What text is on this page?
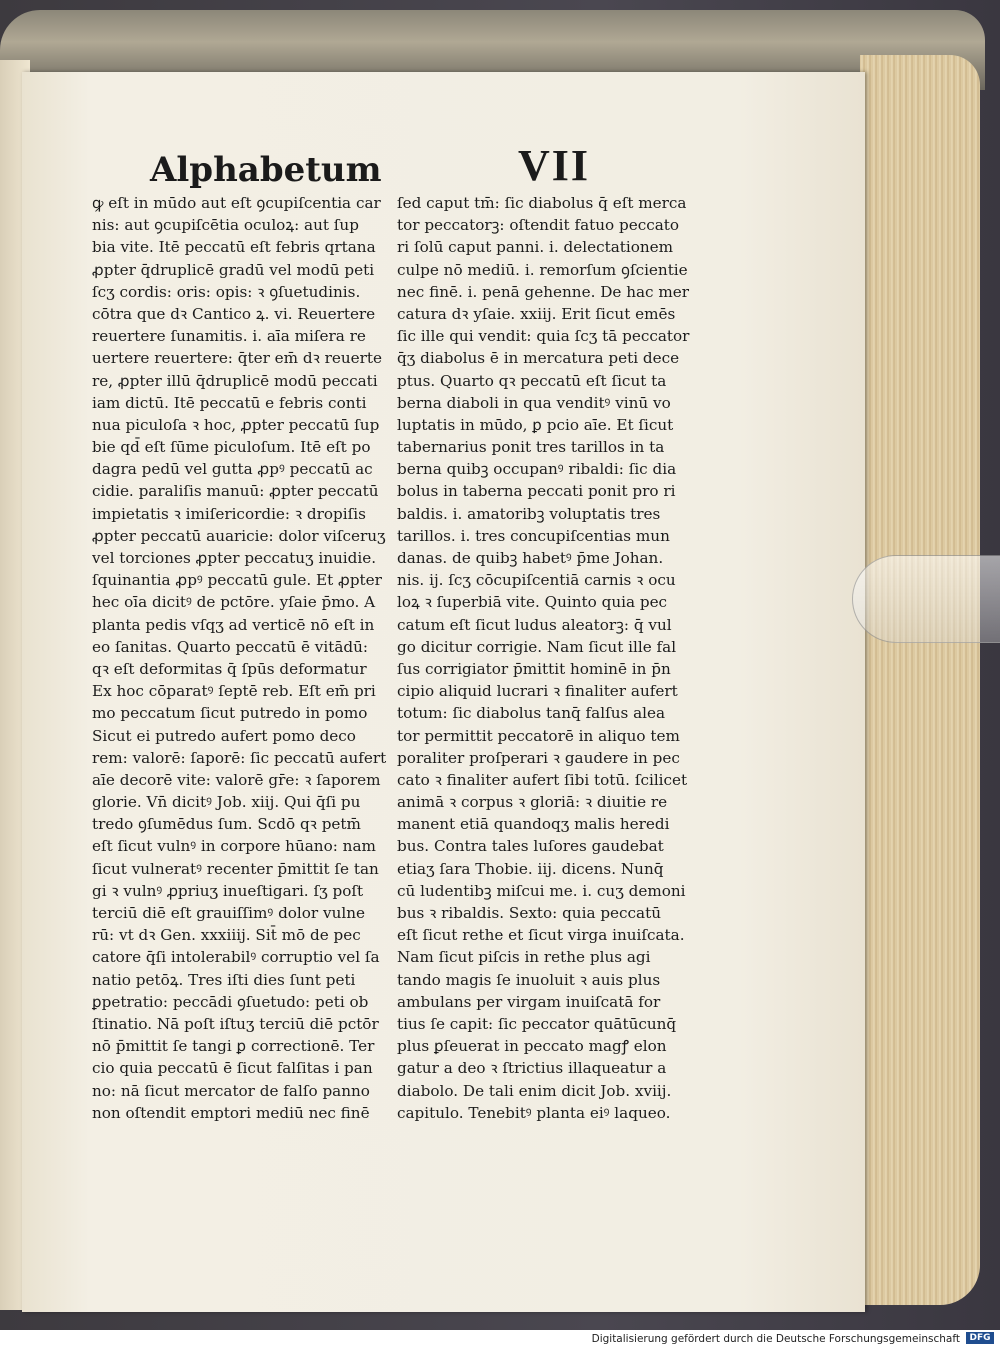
Alphabetum	VII
ꝙ eſt in mūdo aut eſt ꝯcupiſcentia car
nis: aut ꝯcupiſcētia oculoꝝ: aut ſup
bia vite. Itē peccatū eſt febris qrtana
ꝓpter q̄druplicē gradū vel modū peti
ſcʒ cordis: oris: opis: ꝛ ꝯſuetudinis.
cōtra que dꝛ Cantico ꝝ. vi. Reuertere
reuertere ſunamitis. i. aīa miſera re
uertere reuertere: q̄ter em̄ dꝛ reuerte
re, ꝓpter illū q̄druplicē modū peccati
iam dictū. Itē peccatū e febris conti
nua piculoſa ꝛ hoc, ꝓpter peccatū ſup
bie qd̄ eſt ſūme piculoſum. Itē eſt po
dagra pedū vel gutta ꝓpꝰ peccatū ac
cidie. paraliſis manuū: ꝓpter peccatū
impietatis ꝛ imiſericordie: ꝛ dropiſis
ꝓpter peccatū auaricie: dolor viſceruʒ
vel torciones ꝓpter peccatuʒ inuidie.
ſquinantia ꝓpꝰ peccatū gule. Et ꝓpter
hec oīa dicitꝰ de pctōre. yſaie p̄mo. A
planta pedis vſqʒ ad verticē nō eſt in
eo ſanitas. Quarto peccatū ē vitādū:
qꝛ eſt deformitas q̄ ſpūs deformatur
Ex hoc cōparatꝰ ſeptē reb. Eſt em̄ pri
mo peccatum ſicut putredo in pomo
Sicut ei putredo aufert pomo deco
rem: valorē: ſaporē: ſic peccatū aufert
aīe decorē vite: valorē gr̄e: ꝛ ſaporem
glorie. Vn̄ dicitꝰ Job. xiij. Qui q̄ſi pu
tredo ꝯſumēdus ſum. Scdō qꝛ petm̄
eſt ſicut vulnꝰ in corpore hūano: nam
ſicut vulneratꝰ recenter p̄mittit ſe tan
gi ꝛ vulnꝰ ꝓpriuʒ inueſtigari. ſʒ poſt
terciū diē eſt grauiſſimꝰ dolor vulne
rū: vt dꝛ Gen. xxxiiij. Sit̄ mō de pec
catore q̄ſi intolerabilꝰ corruptio vel ſa
natio petōꝝ. Tres iſti dies ſunt peti
ꝑpetratio: peccādi ꝯſuetudo: peti ob
ſtinatio. Nā poſt iſtuʒ terciū diē pctōr
nō p̄mittit ſe tangi ꝑ correctionē. Ter
cio quia peccatū ē ſicut falſitas i pan
no: nā ſicut mercator de falſo panno
non oſtendit emptori mediū nec finē
ſed caput tm̄: ſic diabolus q̄ eſt merca
tor peccatorꝫ: oſtendit fatuo peccato
ri ſolū caput panni. i. delectationem
culpe nō mediū. i. remorſum ꝯſcientie
nec finē. i. penā gehenne. De hac mer
catura dꝛ yſaie. xxiij. Erit ſicut emēs
ſic ille qui vendit: quia ſcʒ tā peccator
q̄ʒ diabolus ē in mercatura peti dece
ptus. Quarto qꝛ peccatū eſt ſicut ta
berna diaboli in qua venditꝰ vinū vo
luptatis in mūdo, ꝑ pcio aīe. Et ſicut
tabernarius ponit tres tarillos in ta
berna quibꝫ occupanꝰ ribaldi: ſic dia
bolus in taberna peccati ponit pro ri
baldis. i. amatoribꝫ voluptatis tres
tarillos. i. tres concupiſcentias mun
danas. de quibꝫ habetꝰ p̄me Johan.
nis. ij. ſcʒ cōcupiſcentiā carnis ꝛ ocu
loꝝ ꝛ ſuperbiā vite. Quinto quia pec
catum eſt ſicut ludus aleatorꝫ: q̄ vul
go dicitur corrigie. Nam ſicut ille fal
ſus corrigiator p̄mittit hominē in p̄n
cipio aliquid lucrari ꝛ finaliter aufert
totum: ſic diabolus tanq̄ falſus alea
tor permittit peccatorē in aliquo tem
poraliter proſperari ꝛ gaudere in pec
cato ꝛ finaliter aufert ſibi totū. ſcilicet
animā ꝛ corpus ꝛ gloriā: ꝛ diuitie re
manent etiā quandoqʒ malis heredi
bus. Contra tales luſores gaudebat
etiaʒ ſara Thobie. iij. dicens. Nunq̄
cū ludentibꝫ miſcui me. i. cuʒ demoni
bus ꝛ ribaldis. Sexto: quia peccatū
eſt ſicut rethe et ſicut virga inuiſcata.
Nam ſicut piſcis in rethe plus agi
tando magis ſe inuoluit ꝛ auis plus
ambulans per virgam inuiſcatā for
tius ſe capit: ſic peccator quātūcunq̄
plus ꝑſeuerat in peccato magꝭ elon
gatur a deo ꝛ ſtrictius illaqueatur a
diabolo. De tali enim dicit Job. xviij.
capitulo. Tenebitꝰ planta eiꝰ laqueo.
Digitalisierung gefördert durch die Deutsche Forschungsgemeinschaft	DFG
